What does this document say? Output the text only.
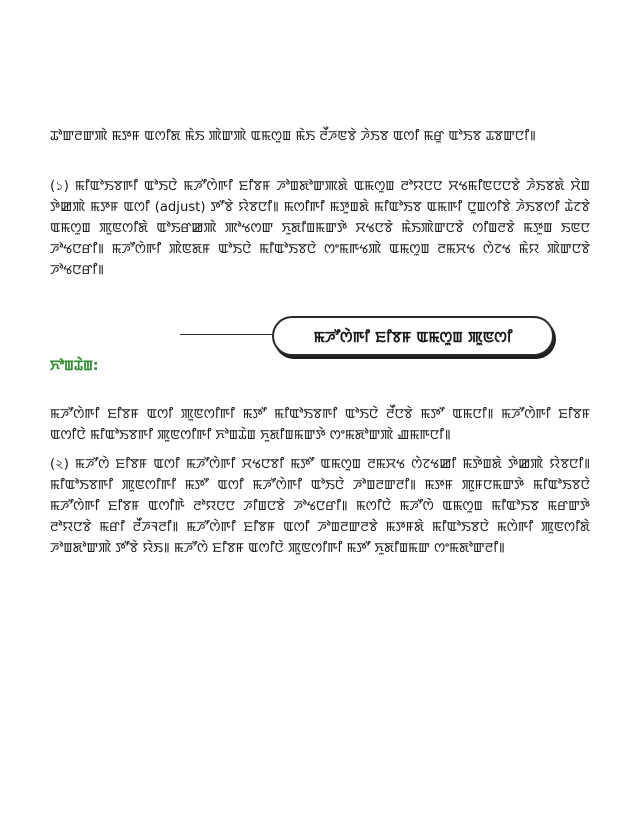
ꯊꯣꯛꯂꯛꯄꯥ ꯃꯇꯝ ꯑꯁꯤꯗ ꯃꯥꯏ ꯄꯥꯛꯄꯥ ꯑꯃꯁꯨꯡ ꯃꯥꯏ ꯂꯩꯍꯟꯕꯥ ꯍꯥꯏꯕ ꯑꯁꯤ ꯃꯔꯨ ꯑꯣꯏꯕ ꯊꯕꯛꯅꯤ꯫
(১) ꯃꯤꯑꯣꯏꯕꯒꯤ ꯑꯣꯏꯅꯥ ꯃꯍꯧꯁꯥꯒꯤ ꯐꯤꯕꯝ ꯍꯣꯡꯗꯣꯛꯄꯗꯥ ꯑꯃꯁꯨꯡ ꯂꯣꯌꯅꯅ ꯆꯠꯃꯤꯟꯅꯅꯕꯥ ꯍꯥꯏꯕꯗꯥ ꯆꯥꯡ ꯇꯥꯀꯄꯥ ꯃꯇꯝ ꯑꯁꯤ (adjust) ꯇꯧꯕꯥ ꯌꯥꯕꯅꯤ꯫ ꯃꯁꯤꯒꯤ ꯃꯇꯨꯡꯗꯥ ꯃꯤꯑꯣꯏꯕ ꯑꯃꯒꯤ ꯅꯨꯡꯁꯤꯕꯥ ꯍꯥꯏꯕꯁꯤ ꯊꯥꯖꯕꯥ ꯑꯃꯁꯨꯡ ꯄꯨꯟꯁꯤꯗꯥ ꯑꯣꯏꯔꯀꯄꯥ ꯄꯣꯠꯁꯛ ꯈꯨꯗꯤꯡꯃꯛꯇꯥ ꯆꯠꯅꯕꯥ ꯃꯥꯏꯄꯥꯛꯅꯕꯥ ꯁꯤꯡꯂꯕꯥ ꯃꯇꯨꯡ ꯏꯟꯅ ꯍꯣꯠꯅꯔꯤ꯫ ꯃꯍꯧꯁꯥꯒꯤ ꯄꯥꯟꯗꯝ ꯑꯣꯏꯅꯥ ꯃꯤꯑꯣꯏꯕꯅꯥ ꯁꯦꯃꯒꯠꯄꯥ ꯑꯃꯁꯨꯡ ꯂꯃꯆꯠ ꯁꯥꯖꯠ ꯃꯥꯌ ꯄꯥꯛꯅꯕꯥ ꯍꯣꯠꯅꯔꯤ꯫
ꯃꯍꯧꯁꯥꯒꯤ ꯐꯤꯕꯝ ꯑꯃꯁꯨꯡ ꯄꯨꯟꯁꯤ
ꯈꯣꯡꯊꯥꯡ:
ꯃꯍꯧꯁꯥꯒꯤ ꯐꯤꯕꯝ ꯑꯁꯤ ꯄꯨꯟꯁꯤꯒꯤ ꯃꯇꯧ ꯃꯤꯑꯣꯏꯕꯒꯤ ꯑꯣꯏꯅꯥ ꯂꯩꯅꯕꯥ ꯃꯇꯧ ꯑꯃꯅꯤ꯫ ꯃꯍꯧꯁꯥꯒꯤ ꯐꯤꯕꯝ ꯑꯁꯤꯅꯥ ꯃꯤꯑꯣꯏꯕꯒꯤ ꯄꯨꯟꯁꯤꯒꯤ ꯈꯣꯡꯊꯥꯡ ꯈꯨꯗꯤꯡꯃꯛꯇꯥ ꯁꯦꯃꯗꯣꯛꯄꯥ ꯉꯃꯒꯅꯤ꯫
(২) ꯃꯍꯧꯁꯥ ꯐꯤꯕꯝ ꯑꯁꯤ ꯃꯍꯧꯁꯥꯒꯤ ꯆꯠꯅꯕꯤ ꯃꯇꯧ ꯑꯃꯁꯨꯡ ꯂꯃꯆꯠ ꯁꯥꯖꯠꯀꯤ ꯃꯇꯥꯡꯗꯥ ꯇꯥꯀꯄꯥ ꯌꯥꯕꯅꯤ꯫ ꯃꯤꯑꯣꯏꯕꯒꯤ ꯄꯨꯟꯁꯤꯒꯤ ꯃꯇꯧ ꯑꯁꯤ ꯃꯍꯧꯁꯥꯒꯤ ꯑꯣꯏꯅꯥ ꯍꯣꯡꯂꯛꯂꯤ꯫ ꯃꯇꯝ ꯄꯨꯝꯅꯃꯛꯇꯥ ꯃꯤꯑꯣꯏꯕꯅꯥ ꯃꯍꯧꯁꯥꯒꯤ ꯐꯤꯕꯝ ꯑꯁꯤꯒꯥ ꯂꯣꯌꯅꯅ ꯍꯤꯡꯅꯕꯥ ꯍꯣꯠꯅꯔꯤ꯫ ꯃꯁꯤꯅꯥ ꯃꯍꯧꯁꯥ ꯑꯃꯁꯨꯡ ꯃꯤꯑꯣꯏꯕ ꯃꯔꯛꯇꯥ ꯂꯣꯌꯅꯕꯥ ꯃꯔꯤ ꯂꯩꯍꯜꯂꯤ꯫ ꯃꯍꯧꯁꯥꯒꯤ ꯐꯤꯕꯝ ꯑꯁꯤ ꯍꯣꯡꯂꯛꯂꯕꯥ ꯃꯇꯝꯗꯥ ꯃꯤꯑꯣꯏꯕꯅꯥ ꯃꯁꯥꯒꯤ ꯄꯨꯟꯁꯤꯗꯥ ꯍꯣꯡꯗꯣꯛꯄꯥ ꯇꯧꯕꯥ ꯌꯥꯏ꯫ ꯃꯍꯧꯁꯥ ꯐꯤꯕꯝ ꯑꯁꯤꯅꯥ ꯄꯨꯟꯁꯤꯒꯤ ꯃꯇꯧ ꯈꯨꯗꯤꯡꯃꯛ ꯁꯦꯃꯗꯣꯛꯂꯤ꯫
